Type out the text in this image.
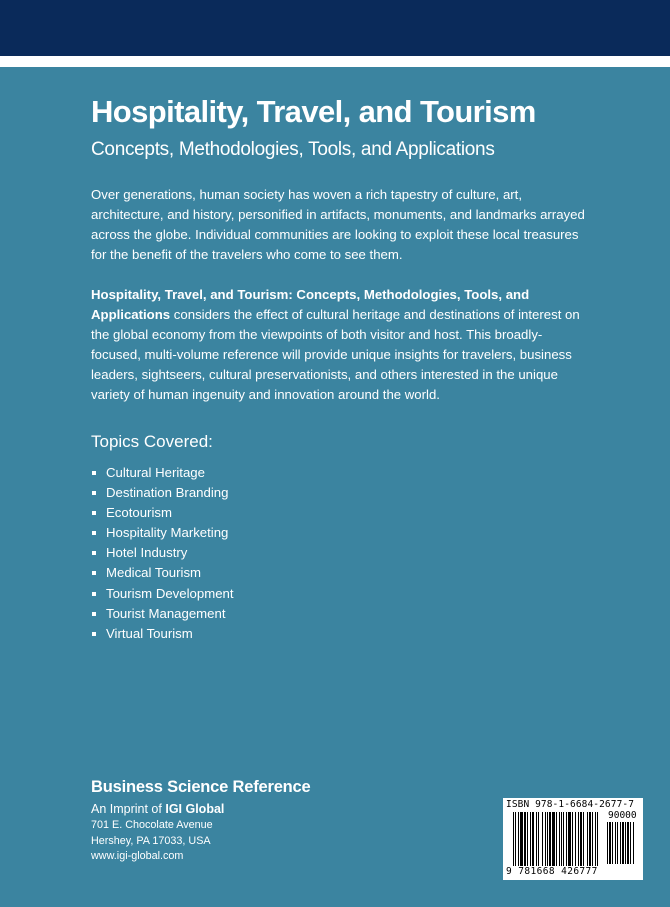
Hospitality, Travel, and Tourism
Concepts, Methodologies, Tools, and Applications

Over generations, human society has woven a rich tapestry of culture, art, architecture, and history, personified in artifacts, monuments, and landmarks arrayed across the globe. Individual communities are looking to exploit these local treasures for the benefit of the travelers who come to see them.

Hospitality, Travel, and Tourism: Concepts, Methodologies, Tools, and Applications considers the effect of cultural heritage and destinations of interest on the global economy from the viewpoints of both visitor and host. This broadly-focused, multi-volume reference will provide unique insights for travelers, business leaders, sightseers, cultural preservationists, and others interested in the unique variety of human ingenuity and innovation around the world.

Topics Covered:
Cultural Heritage
Destination Branding
Ecotourism
Hospitality Marketing
Hotel Industry
Medical Tourism
Tourism Development
Tourist Management
Virtual Tourism
Business Science Reference
An Imprint of IGI Global
701 E. Chocolate Avenue
Hershey, PA 17033, USA
www.igi-global.com
ISBN 978-1-6684-2677-7
90000
9 781668 426777
